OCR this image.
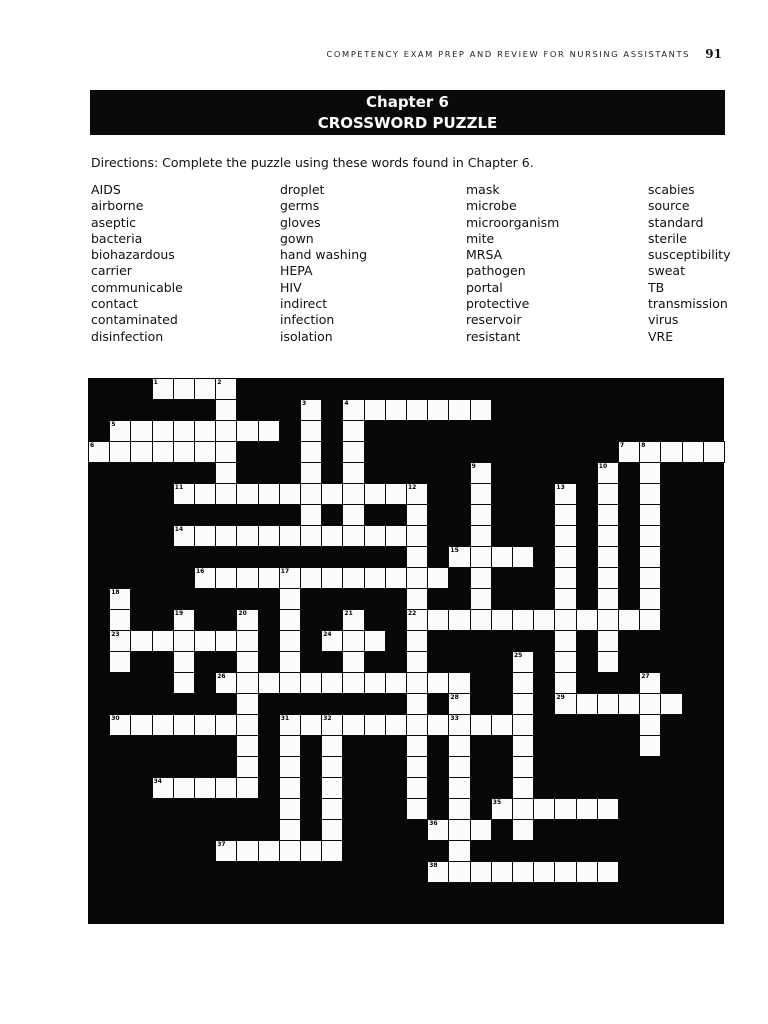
COMPETENCY EXAM PREP AND REVIEW FOR NURSING ASSISTANTS 91
Chapter 6
CROSSWORD PUZZLE
Directions: Complete the puzzle using these words found in Chapter 6.
AIDS
airborne
aseptic
bacteria
biohazardous
carrier
communicable
contact
contaminated
disinfection
droplet
germs
gloves
gown
hand washing
HEPA
HIV
indirect
infection
isolation
mask
microbe
microorganism
mite
MRSA
pathogen
portal
protective
reservoir
resistant
scabies
source
standard
sterile
susceptibility
sweat
TB
transmission
virus
VRE
1	2
3	4
5
6	7	8
9	10
11	12	13
14
15
16	17
18
19	20	21	22
23	24
25
26	27
28	29
30	31	32	33
34
35
36
37
38
